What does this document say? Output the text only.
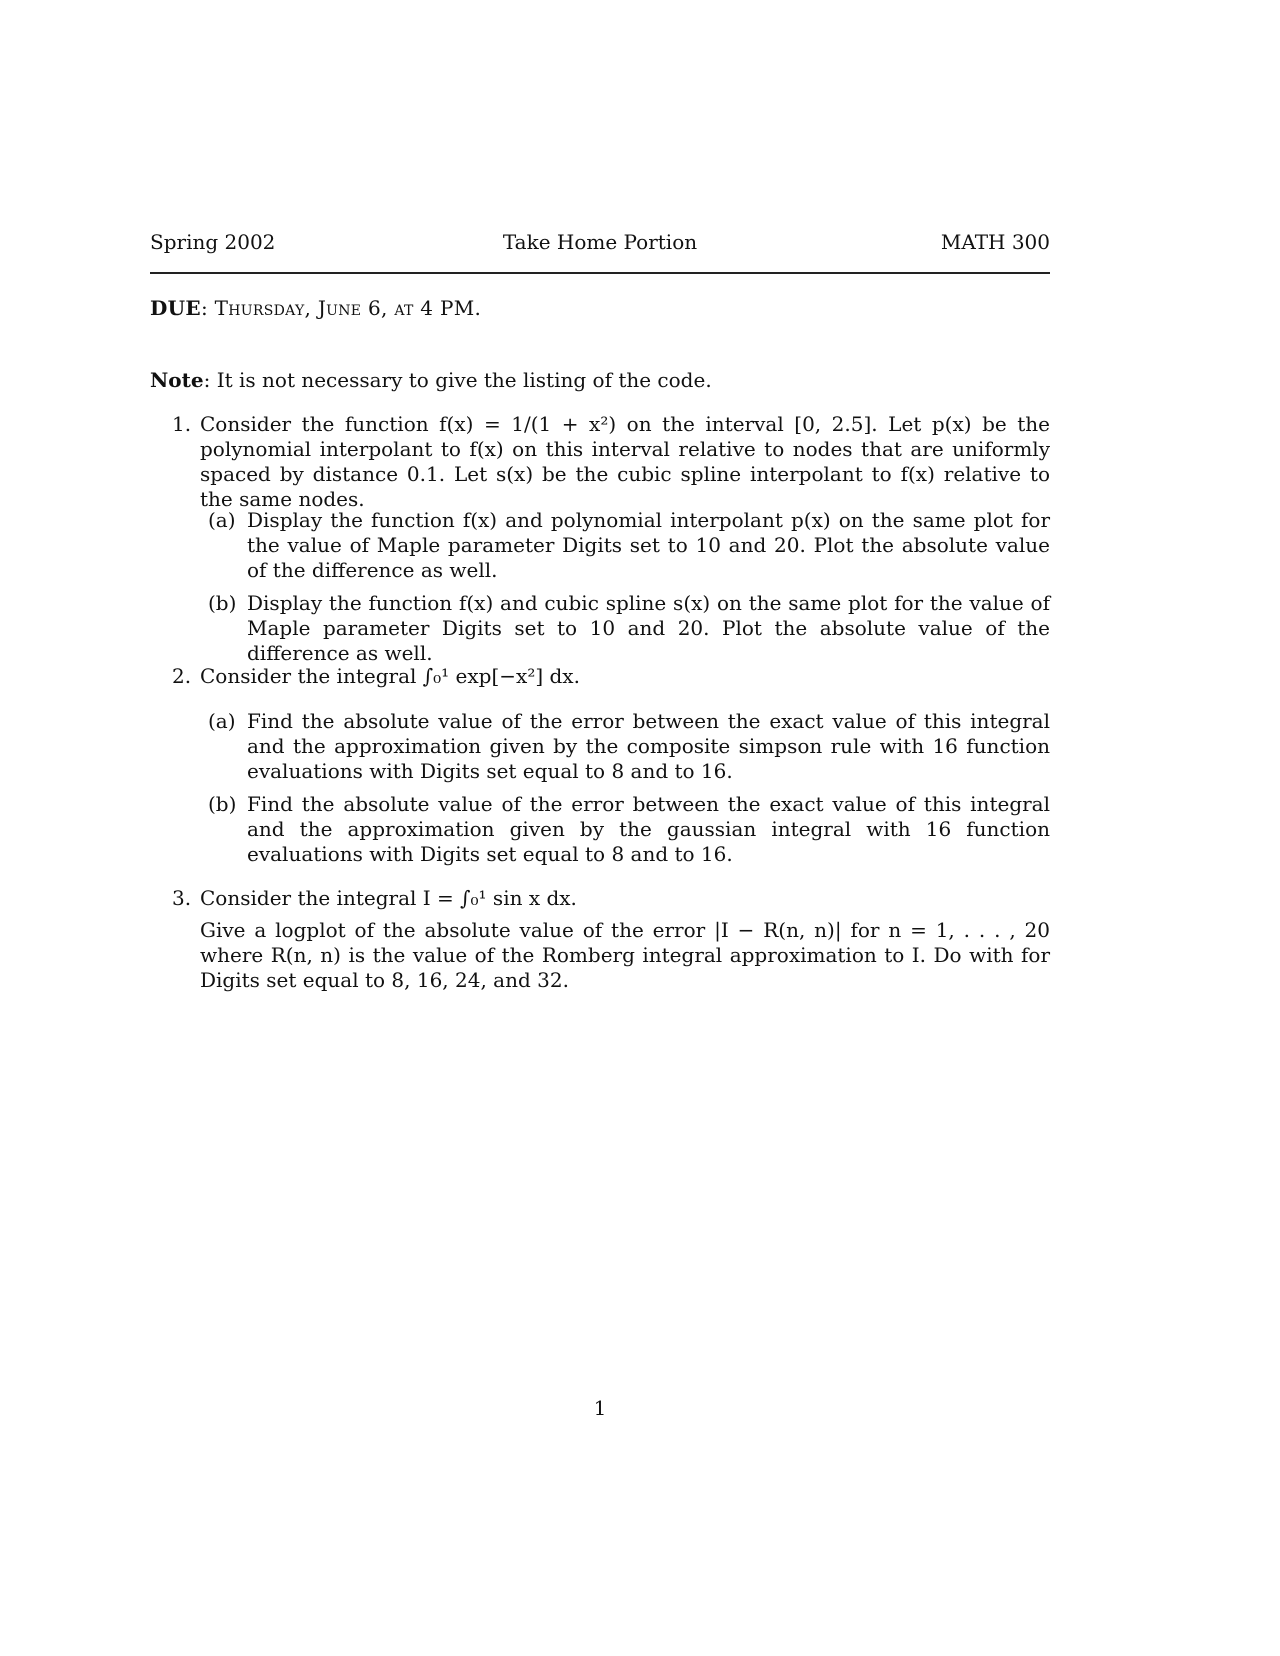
Spring 2002	Take Home Portion	MATH 300
DUE: Thursday, June 6, at 4 PM.
Note: It is not necessary to give the listing of the code.
1. Consider the function f(x) = 1/(1 + x²) on the interval [0, 2.5]. Let p(x) be the polynomial interpolant to f(x) on this interval relative to nodes that are uniformly spaced by distance 0.1. Let s(x) be the cubic spline interpolant to f(x) relative to the same nodes.
(a) Display the function f(x) and polynomial interpolant p(x) on the same plot for the value of Maple parameter Digits set to 10 and 20. Plot the absolute value of the difference as well.
(b) Display the function f(x) and cubic spline s(x) on the same plot for the value of Maple parameter Digits set to 10 and 20. Plot the absolute value of the difference as well.
2. Consider the integral ∫₀¹ exp[−x²] dx.
(a) Find the absolute value of the error between the exact value of this integral and the approximation given by the composite simpson rule with 16 function evaluations with Digits set equal to 8 and to 16.
(b) Find the absolute value of the error between the exact value of this integral and the approximation given by the gaussian integral with 16 function evaluations with Digits set equal to 8 and to 16.
3. Consider the integral I = ∫₀¹ sin x dx.
Give a logplot of the absolute value of the error |I − R(n, n)| for n = 1, . . . , 20 where R(n, n) is the value of the Romberg integral approximation to I. Do with for Digits set equal to 8, 16, 24, and 32.
1
